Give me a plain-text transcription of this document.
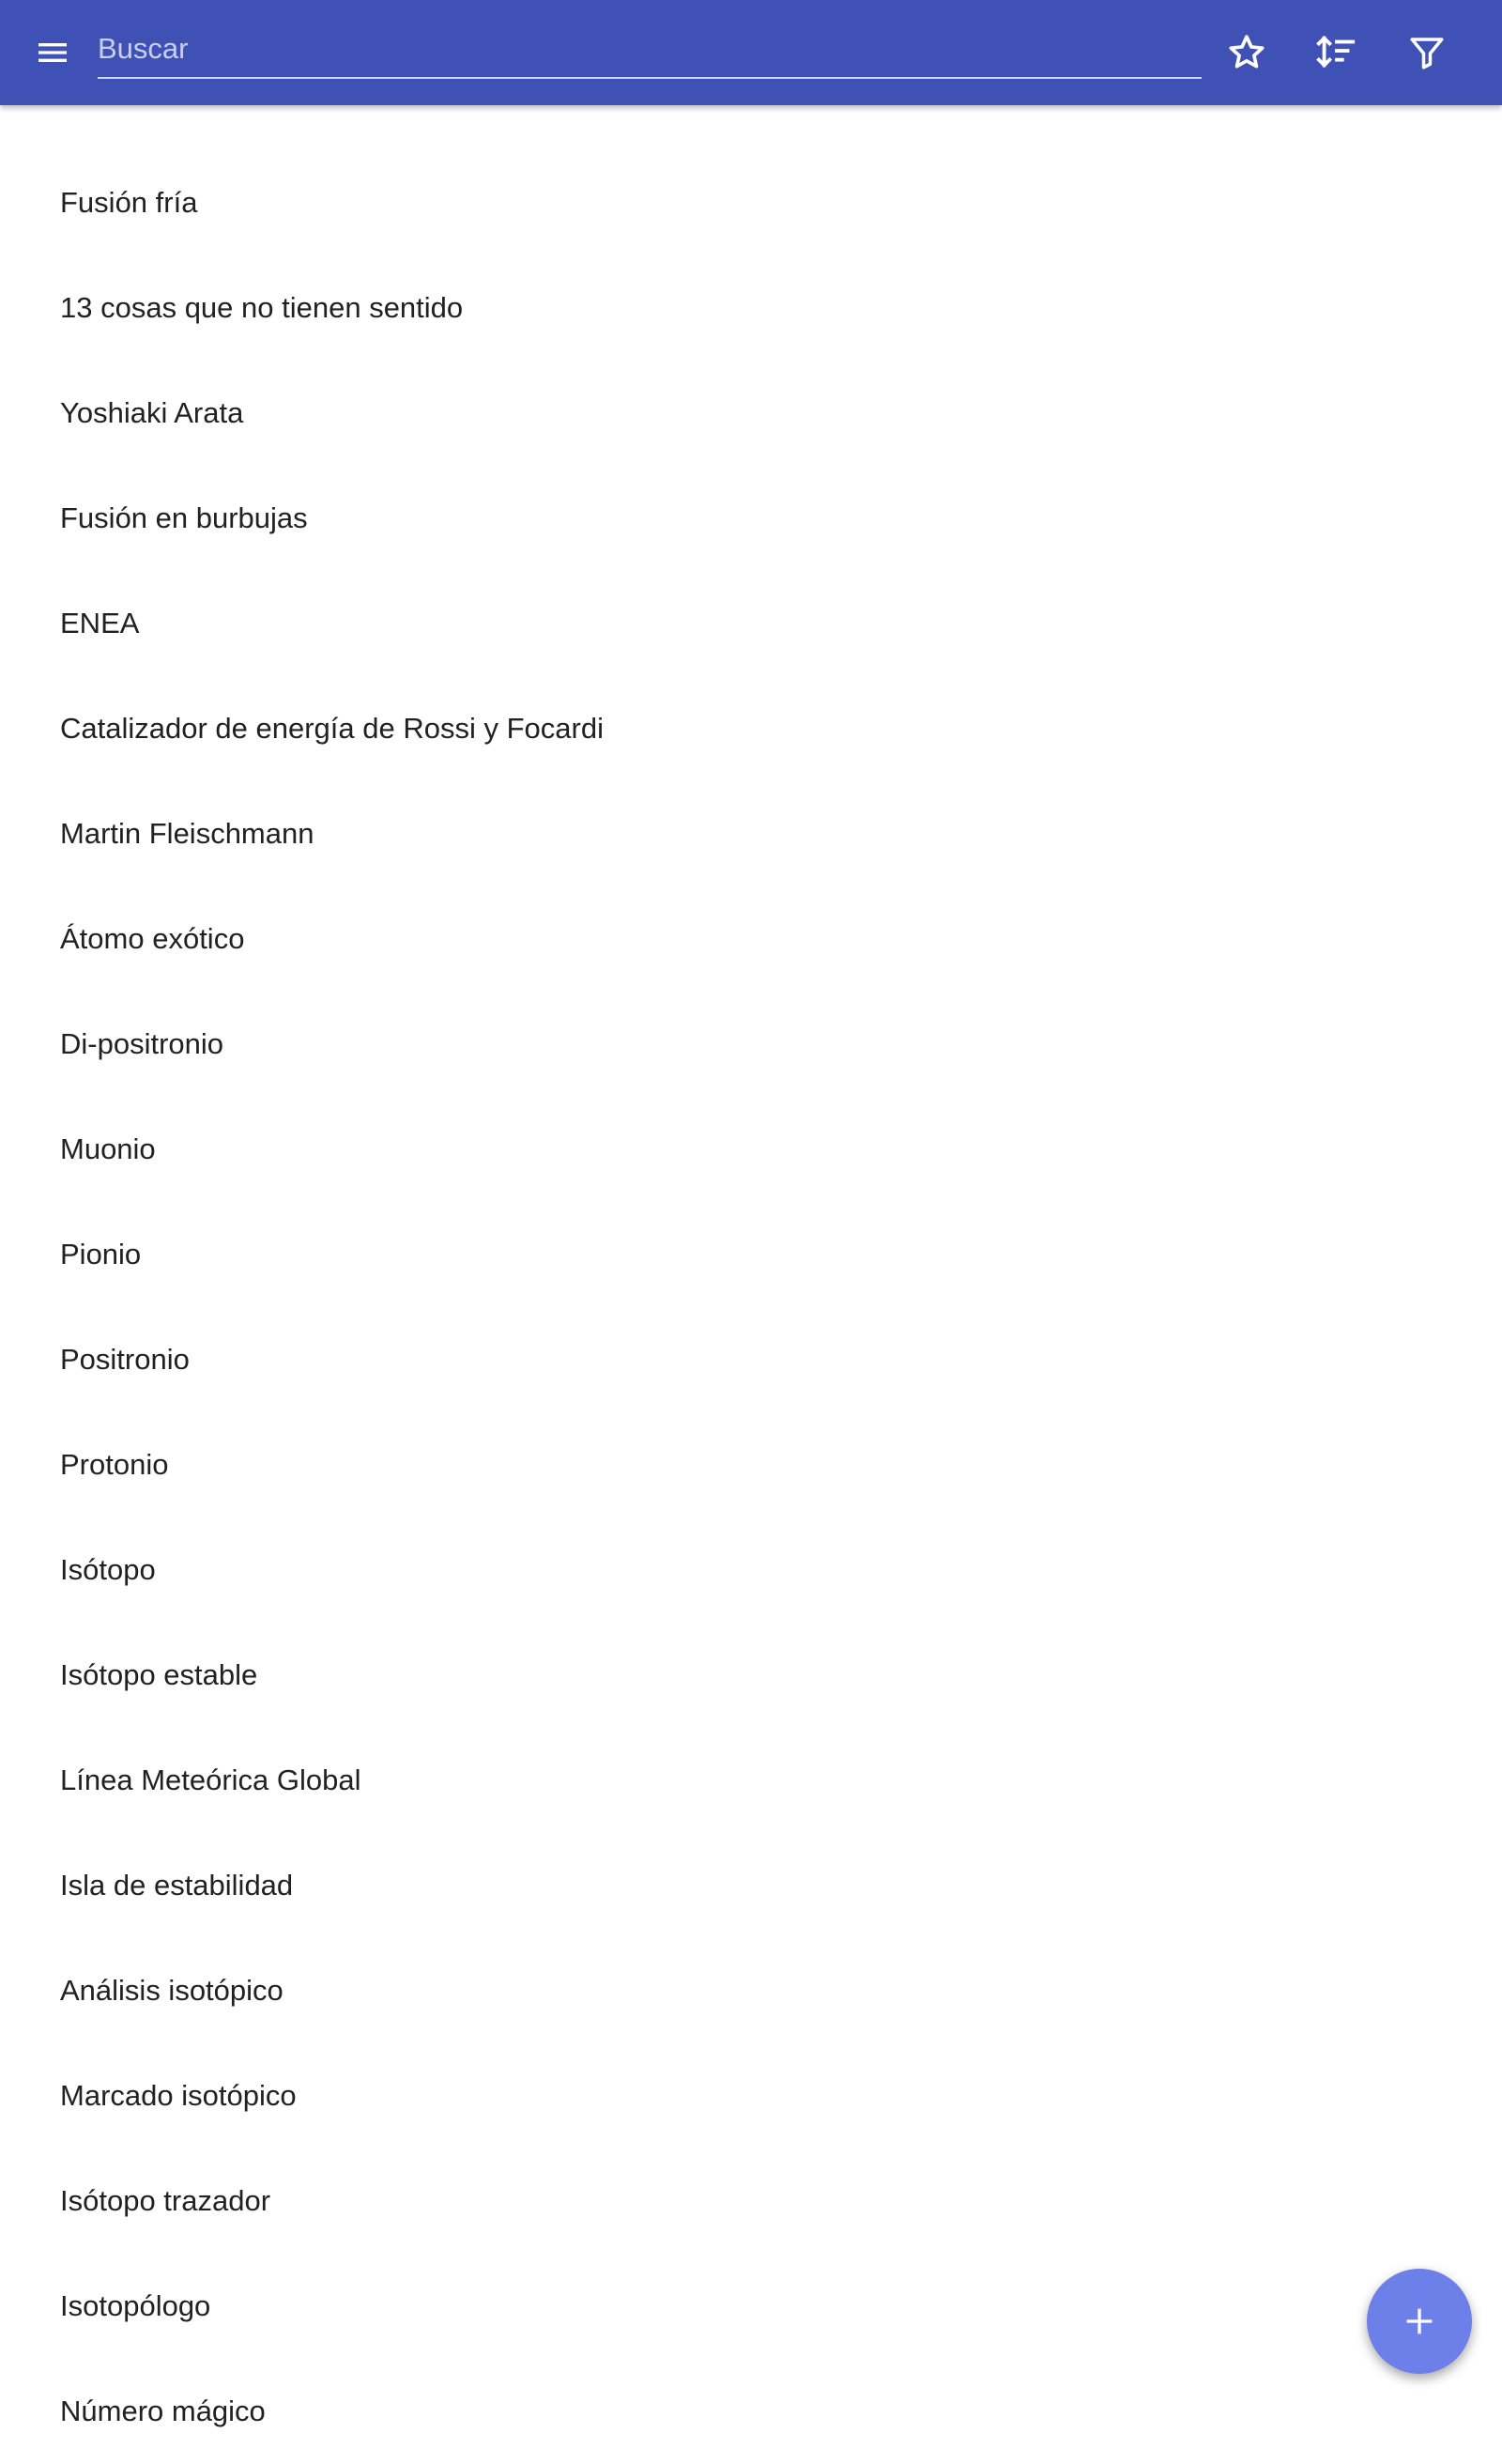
Buscar
Fusión fría
13 cosas que no tienen sentido
Yoshiaki Arata
Fusión en burbujas
ENEA
Catalizador de energía de Rossi y Focardi
Martin Fleischmann
Átomo exótico
Di-positronio
Muonio
Pionio
Positronio
Protonio
Isótopo
Isótopo estable
Línea Meteórica Global
Isla de estabilidad
Análisis isotópico
Marcado isotópico
Isótopo trazador
Isotopólogo
Número mágico
